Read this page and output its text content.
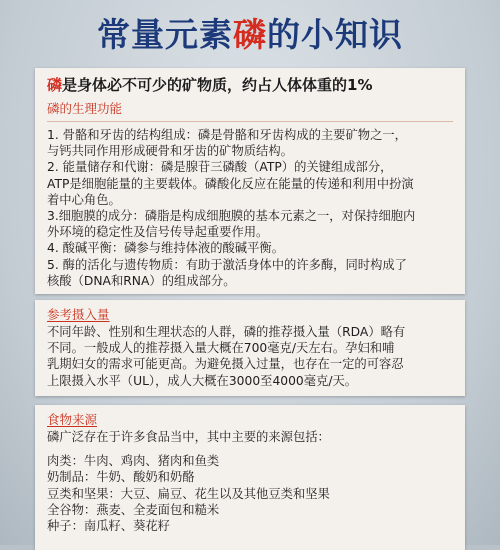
常量元素磷的小知识
磷是身体必不可少的矿物质，约占人体体重的1%
磷的生理功能
1. 骨骼和牙齿的结构组成：磷是骨骼和牙齿构成的主要矿物之一，
与钙共同作用形成硬骨和牙齿的矿物质结构。
2. 能量储存和代谢：磷是腺苷三磷酸（ATP）的关键组成部分，
ATP是细胞能量的主要载体。磷酸化反应在能量的传递和利用中扮演
着中心角色。
3.细胞膜的成分：磷脂是构成细胞膜的基本元素之一，对保持细胞内
外环境的稳定性及信号传导起重要作用。
4. 酸碱平衡：磷参与维持体液的酸碱平衡。
5. 酶的活化与遗传物质：有助于激活身体中的许多酶，同时构成了
核酸（DNA和RNA）的组成部分。
参考摄入量
不同年龄、性别和生理状态的人群，磷的推荐摄入量（RDA）略有
不同。一般成人的推荐摄入量大概在700毫克/天左右。孕妇和哺
乳期妇女的需求可能更高。为避免摄入过量，也存在一定的可容忍
上限摄入水平（UL），成人大概在3000至4000毫克/天。
食物来源
磷广泛存在于许多食品当中，其中主要的来源包括：
肉类：牛肉、鸡肉、猪肉和鱼类
奶制品：牛奶、酸奶和奶酪
豆类和坚果：大豆、扁豆、花生以及其他豆类和坚果
全谷物：燕麦、全麦面包和糙米
种子：南瓜籽、葵花籽
